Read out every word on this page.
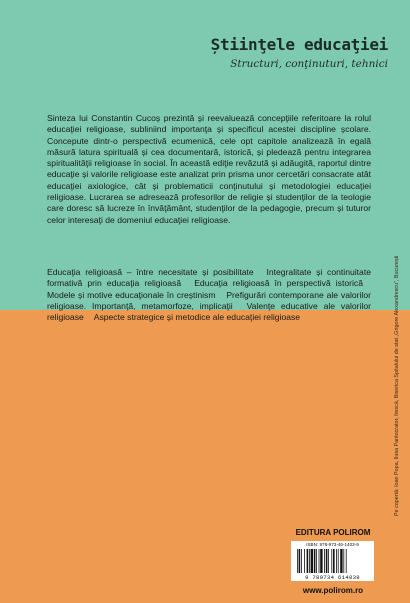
Știinţele educaţiei
Structuri, conţinuturi, tehnici
Sinteza lui Constantin Cucoș prezintă și reevaluează concepţiile referitoare la rolul educaţiei religioase, subliniind importanţa și specificul acestei discipline școlare. Concepute dintr-o perspectivă ecumenică, cele opt capitole analizează în egală măsură latura spirituală și cea documentară, istorică, și pledează pentru integrarea spiritualităţii religioase în social. În această ediţie revăzută și adăugită, raportul dintre educaţie și valorile religioase este analizat prin prisma unor cercetări consacrate atât educaţiei axiologice, cât și problematicii conţinutului și metodologiei educaţiei religioase. Lucrarea se adresează profesorilor de religie și studenţilor de la teologie care doresc să lucreze în învăţământ, studenţilor de la pedagogie, precum și tuturor celor interesaţi de domeniul educaţiei religioase.
Educaţia religioasă – între necesitate și posibilitate Integralitate și continuitate formativă prin educaţia religioasă Educaţia religioasă în perspectivă istorică Modele și motive educaţionale în creștinism Prefigurări contemporane ale valorilor religioase. Importanţă, metamorfoze, implicaţii Valenţe educative ale valorilor religioase Aspecte strategice și metodice ale educaţiei religioase	Pe copertă: Ioan Popa, Ilusa Pantocrator, frescă, Biserica Spitalului de stat „Grigore Alexandrescu”, București
EDITURA POLIROM
ISBN: 978-973-46-1403-9
9 789734 614039
www.polirom.ro
